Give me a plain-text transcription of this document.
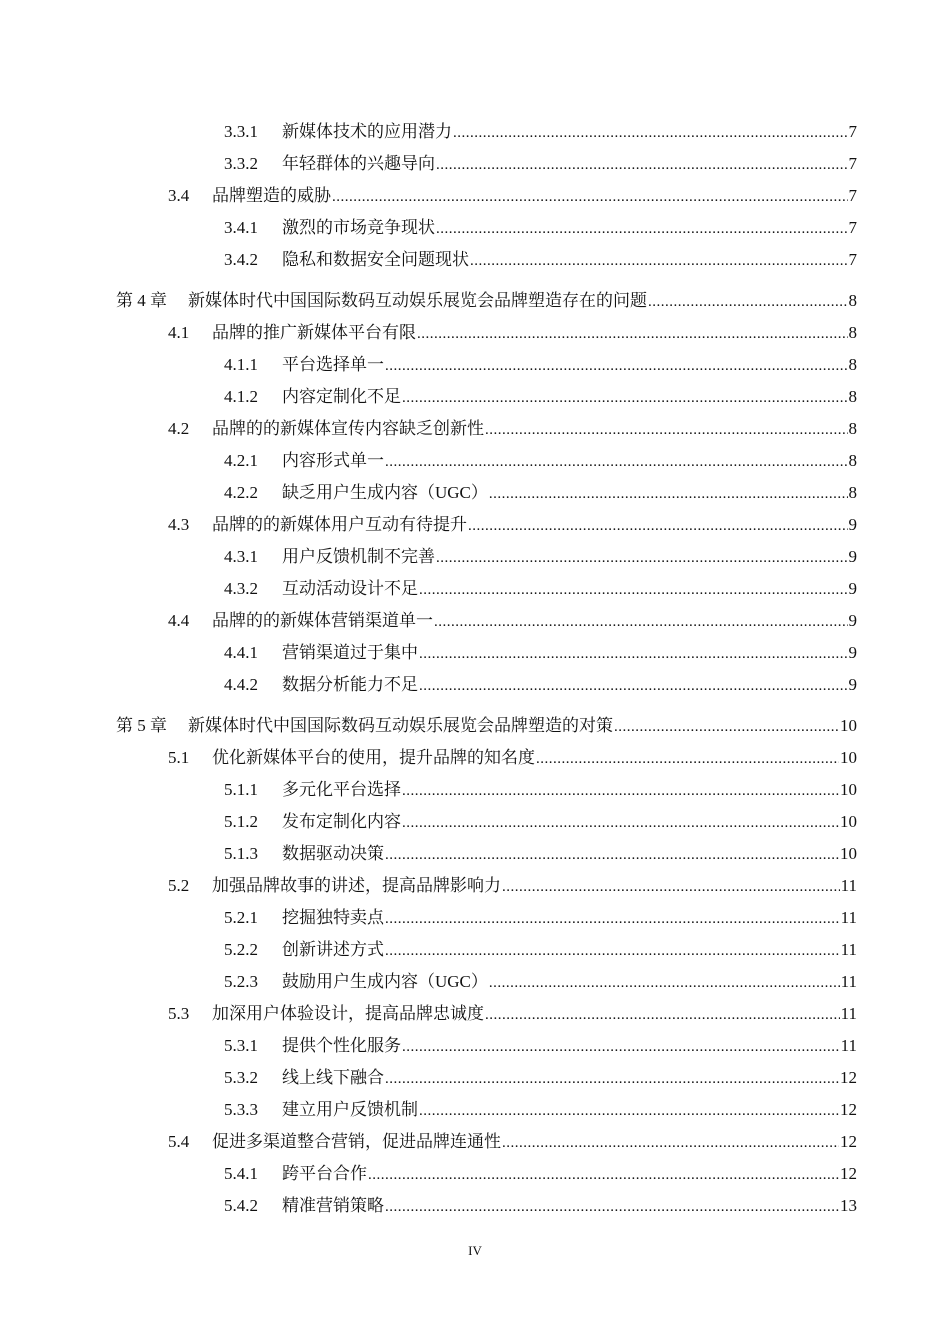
3.3.1	新媒体技术的应用潜力 .....	7
3.3.2	年轻群体的兴趣导向 .....	7
3.4	品牌塑造的威胁 .....	7
3.4.1	激烈的市场竞争现状 .....	7
3.4.2	隐私和数据安全问题现状 .....	7
第 4 章	新媒体时代中国国际数码互动娱乐展览会品牌塑造存在的问题 .....	8
4.1	品牌的推广新媒体平台有限 .....	8
4.1.1	平台选择单一 .....	8
4.1.2	内容定制化不足 .....	8
4.2	品牌的的新媒体宣传内容缺乏创新性 .....	8
4.2.1	内容形式单一 .....	8
4.2.2	缺乏用户生成内容（UGC） .....	8
4.3	品牌的的新媒体用户互动有待提升 .....	9
4.3.1	用户反馈机制不完善 .....	9
4.3.2	互动活动设计不足 .....	9
4.4	品牌的的新媒体营销渠道单一 .....	9
4.4.1	营销渠道过于集中 .....	9
4.4.2	数据分析能力不足 .....	9
第 5 章	新媒体时代中国国际数码互动娱乐展览会品牌塑造的对策 .....	10
5.1	优化新媒体平台的使用，提升品牌的知名度 .....	10
5.1.1	多元化平台选择 .....	10
5.1.2	发布定制化内容 .....	10
5.1.3	数据驱动决策 .....	10
5.2	加强品牌故事的讲述，提高品牌影响力 .....	11
5.2.1	挖掘独特卖点 .....	11
5.2.2	创新讲述方式 .....	11
5.2.3	鼓励用户生成内容（UGC） .....	11
5.3	加深用户体验设计，提高品牌忠诚度 .....	11
5.3.1	提供个性化服务 .....	11
5.3.2	线上线下融合 .....	12
5.3.3	建立用户反馈机制 .....	12
5.4	促进多渠道整合营销，促进品牌连通性 .....	12
5.4.1	跨平台合作 .....	12
5.4.2	精准营销策略 .....	13
IV
